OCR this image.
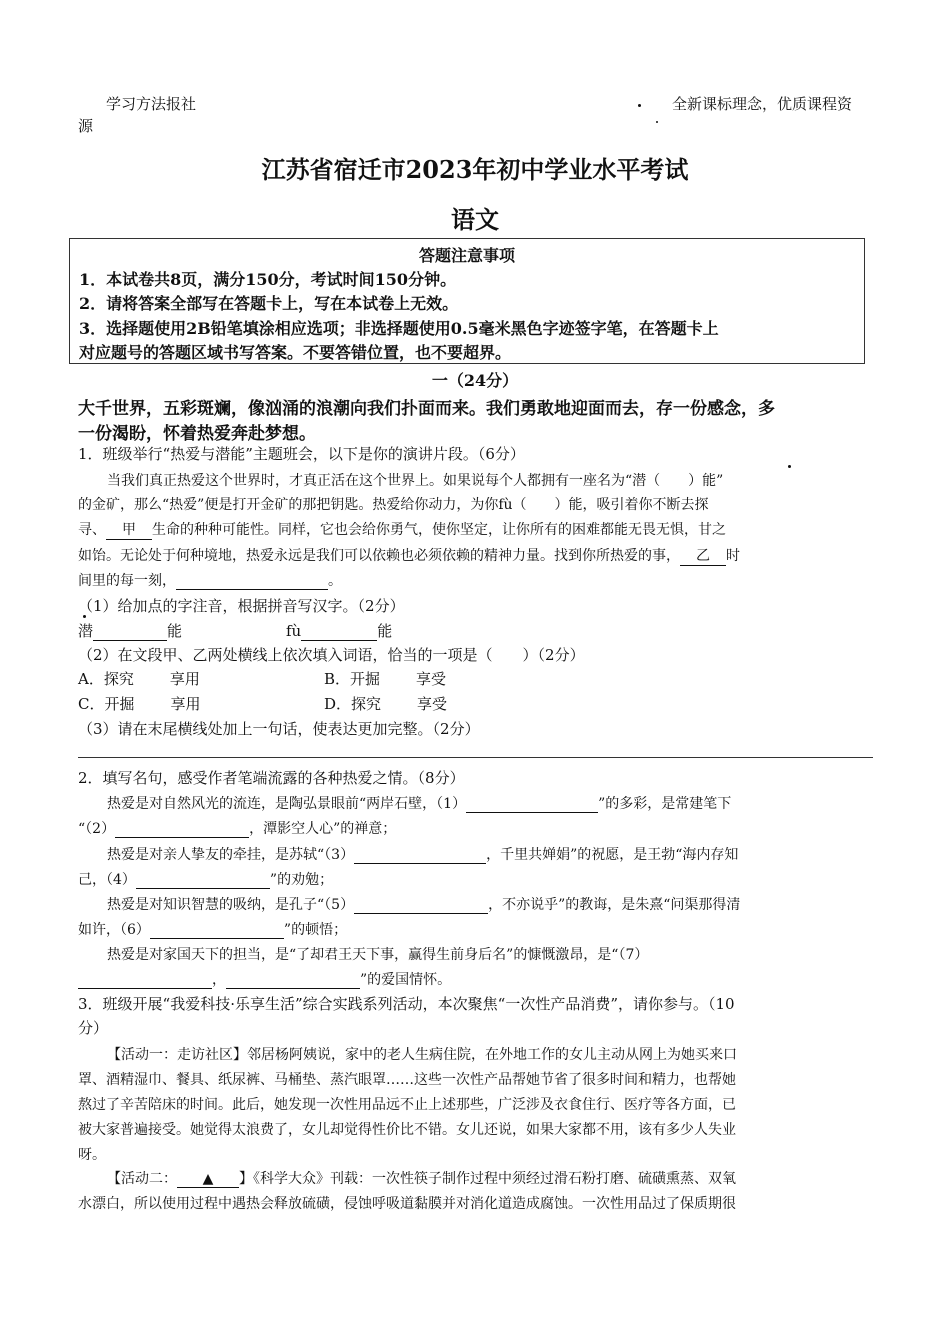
学习方法报社
源
全新课标理念，优质课程资
江苏省宿迁市2023年初中学业水平考试
语文
答题注意事项
1．本试卷共8页，满分150分，考试时间150分钟。
2．请将答案全部写在答题卡上，写在本试卷上无效。
3．选择题使用2B铅笔填涂相应选项；非选择题使用0.5毫米黑色字迹签字笔，在答题卡上
对应题号的答题区域书写答案。不要答错位置，也不要超界。
一（24分）
大千世界，五彩斑斓，像汹涌的浪潮向我们扑面而来。我们勇敢地迎面而去，存一份感念，多
一份渴盼，怀着热爱奔赴梦想。
1．班级举行“热爱与潜能”主题班会，以下是你的演讲片段。（6分）
当我们真正热爱这个世界时，才真正活在这个世界上。如果说每个人都拥有一座名为“潜（　　）能”
的金矿，那么“热爱”便是打开金矿的那把钥匙。热爱给你动力，为你fù（　　）能，吸引着你不断去探
寻、 甲 生命的种种可能性。同样，它也会给你勇气，使你坚定，让你所有的困难都能无畏无惧，甘之
如饴。无论处于何种境地，热爱永远是我们可以依赖也必须依赖的精神力量。找到你所热爱的事， 乙 时
间里的每一刻，	。
（1）给加点的字注音，根据拼音写汉字。（2分）
潜	能	fù	能
（2）在文段甲、乙两处横线上依次填入词语，恰当的一项是（　　）（2分）
A．探究 享用	B．开掘 享受
C．开掘 享用	D．探究 享受
（3）请在末尾横线处加上一句话，使表达更加完整。（2分）
2．填写名句，感受作者笔端流露的各种热爱之情。（8分）
热爱是对自然风光的流连，是陶弘景眼前“两岸石壁，（1）	”的多彩，是常建笔下
“（2）	，潭影空人心”的禅意；
热爱是对亲人挚友的牵挂，是苏轼“（3）	，千里共婵娟”的祝愿，是王勃“海内存知
己，（4）	”的劝勉；
热爱是对知识智慧的吸纳，是孔子“（5）	，不亦说乎”的教诲，是朱熹“问渠那得清
如许，（6）	”的顿悟；
热爱是对家国天下的担当，是“了却君王天下事，赢得生前身后名”的慷慨激昂，是“（7）
，	”的爱国情怀。
3．班级开展“我爱科技·乐享生活”综合实践系列活动，本次聚焦“一次性产品消费”，请你参与。（10
分）
【活动一：走访社区】邻居杨阿姨说，家中的老人生病住院，在外地工作的女儿主动从网上为她买来口
罩、酒精湿巾、餐具、纸尿裤、马桶垫、蒸汽眼罩……这些一次性产品帮她节省了很多时间和精力，也帮她
熬过了辛苦陪床的时间。此后，她发现一次性用品远不止上述那些，广泛涉及衣食住行、医疗等各方面，已
被大家普遍接受。她觉得太浪费了，女儿却觉得性价比不错。女儿还说，如果大家都不用，该有多少人失业
呀。
【活动二： ▲ 】《科学大众》刊载：一次性筷子制作过程中须经过滑石粉打磨、硫磺熏蒸、双氧
水漂白，所以使用过程中遇热会释放硫磺，侵蚀呼吸道黏膜并对消化道造成腐蚀。一次性用品过了保质期很
